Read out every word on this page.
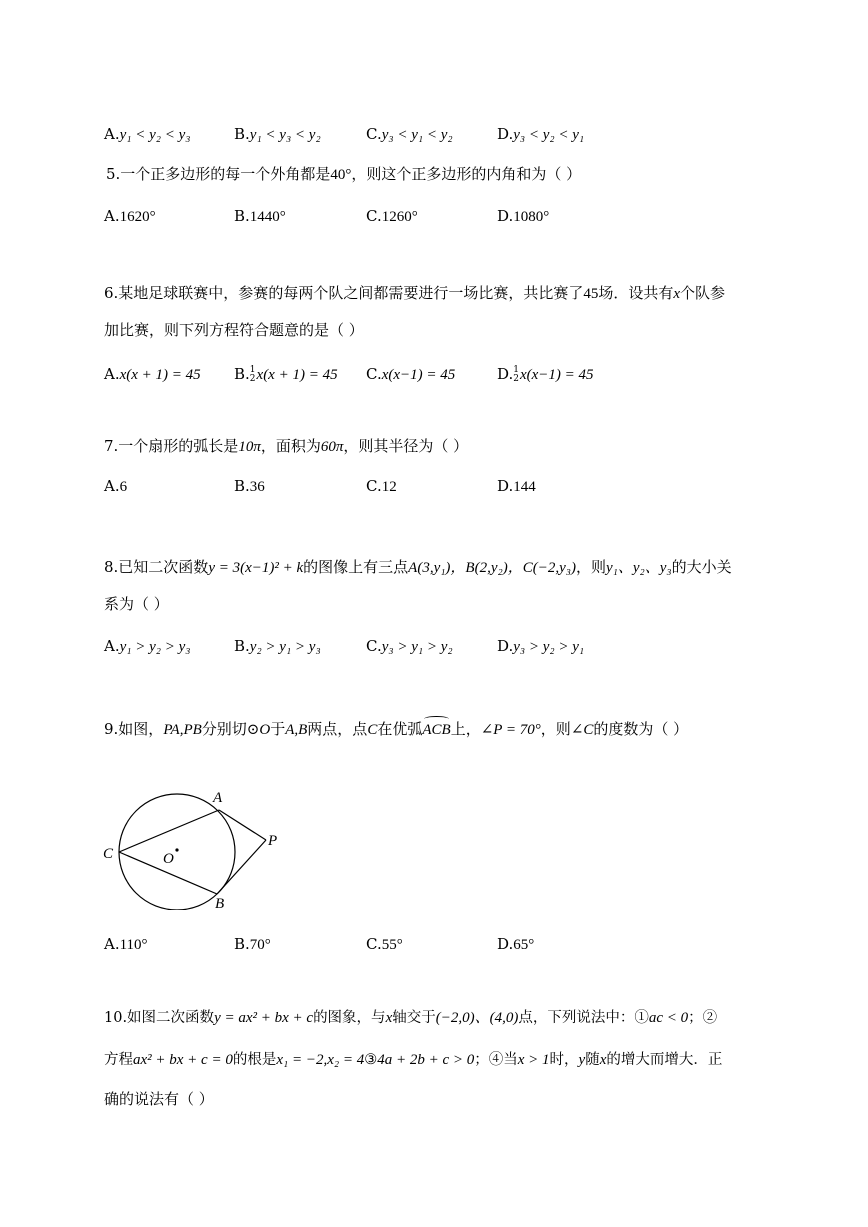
A.y₁ < y₂ < y₃	B.y₁ < y₃ < y₂	C.y₃ < y₁ < y₂	D.y₃ < y₂ < y₁
5.一个正多边形的每一个外角都是40°，则这个正多边形的内角和为（ ）
A.1620°	B.1440°	C.1260°	D.1080°
6.某地足球联赛中，参赛的每两个队之间都需要进行一场比赛，共比赛了45场．设共有x个队参
加比赛，则下列方程符合题意的是（ ）
A.x(x + 1) = 45 B. 1
2 x(x + 1) = 45 C.x(x−1) = 45	D. 1
2 x(x−1) = 45
7.一个扇形的弧长是10π，面积为60π，则其半径为（ ）
A.6	B.36	C.12	D.144
8.已知二次函数y = 3(x−1)² + k的图像上有三点A(3,y₁)，B(2,y₂)，C(−2,y₃)，则y₁、y₂、y₃的大小关
系为（ ）
A.y₁ > y₂ > y₃	B.y₂ > y₁ > y₃	C.y₃ > y₁ > y₂	D.y₃ > y₂ > y₁
9.如图，PA,PB分别切⊙O于A,B两点，点C在优弧
ACB上，∠P = 70°，则∠C的度数为（ ）
A
B
C	O
P
A.110°	B.70°	C.55°	D.65°
10.如图二次函数y = ax² + bx + c的图象，与x轴交于(−2,0)、(4,0)点，下列说法中：①ac < 0；②
方程ax² + bx + c = 0的根是x₁ = −2,x₂ = 4③4a + 2b + c > 0；④当x > 1时，y随x的增大而增大．正
确的说法有（ ）
